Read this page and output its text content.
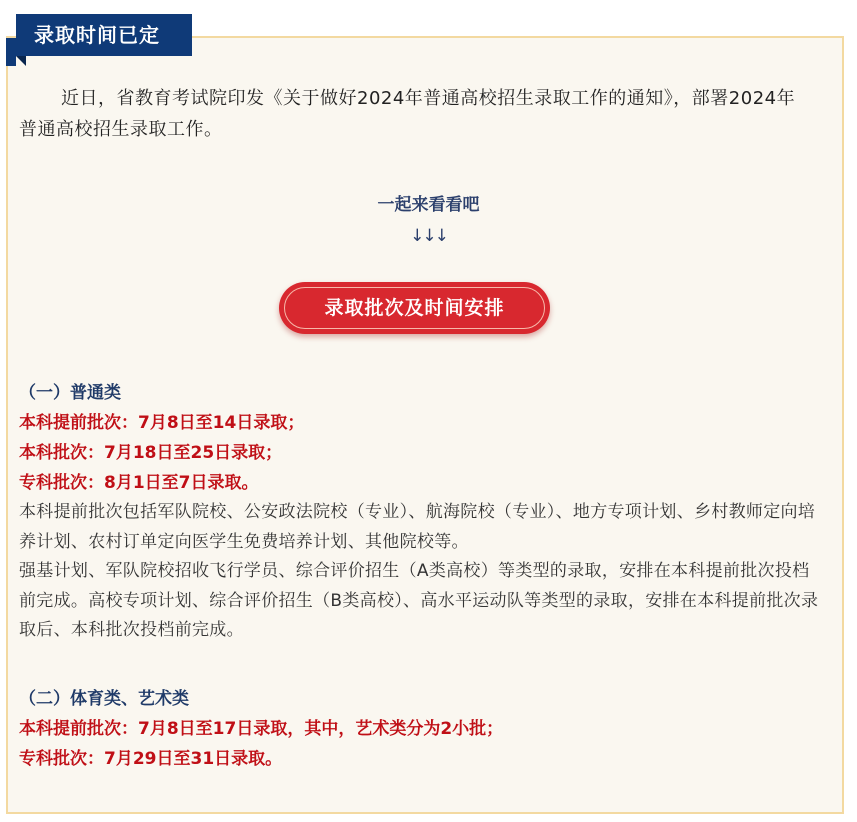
录取时间已定
近日，省教育考试院印发《关于做好2024年普通高校招生录取工作的通知》，部署2024年普通高校招生录取工作。
一起来看看吧
↓↓↓
录取批次及时间安排
（一）普通类
本科提前批次：7月8日至14日录取；
本科批次：7月18日至25日录取；
专科批次：8月1日至7日录取。
本科提前批次包括军队院校、公安政法院校（专业）、航海院校（专业）、地方专项计划、乡村教师定向培养计划、农村订单定向医学生免费培养计划、其他院校等。
强基计划、军队院校招收飞行学员、综合评价招生（A类高校）等类型的录取，安排在本科提前批次投档前完成。高校专项计划、综合评价招生（B类高校）、高水平运动队等类型的录取，安排在本科提前批次录取后、本科批次投档前完成。
（二）体育类、艺术类
本科提前批次：7月8日至17日录取，其中，艺术类分为2小批；
专科批次：7月29日至31日录取。
